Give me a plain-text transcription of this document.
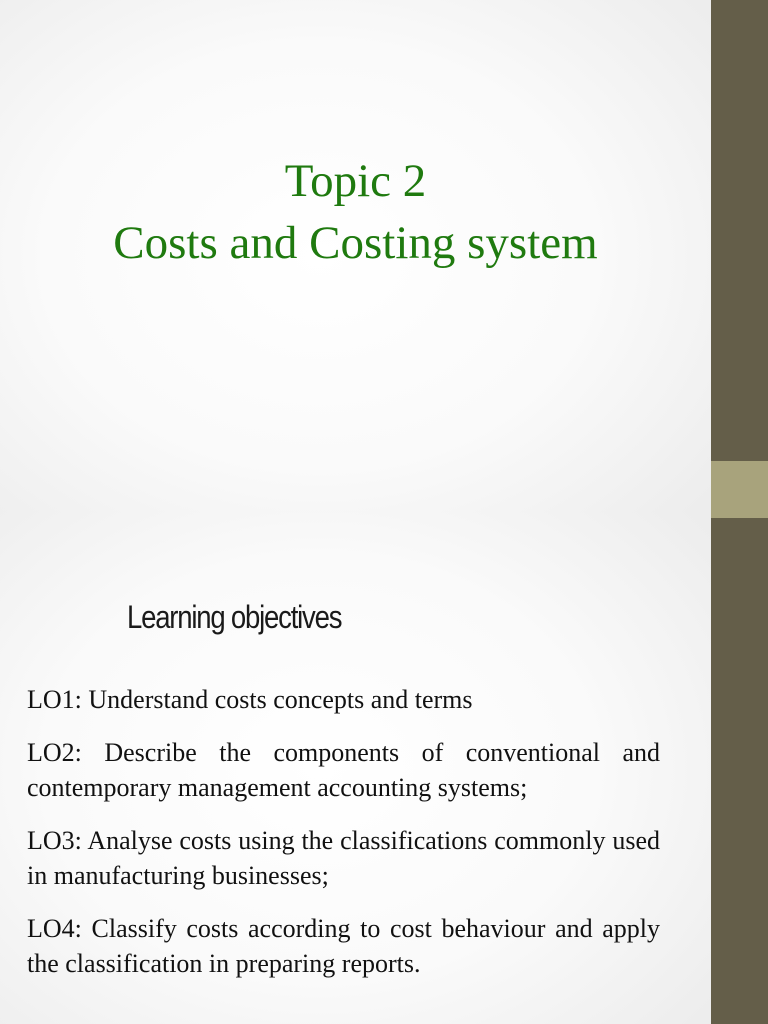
Topic 2
Costs and Costing system
Learning objectives
LO1: Understand costs concepts and terms
LO2: Describe the components of conventional and contemporary management accounting systems;
LO3: Analyse costs using the classifications commonly used in manufacturing businesses;
LO4: Classify costs according to cost behaviour and apply the classification in preparing reports.
